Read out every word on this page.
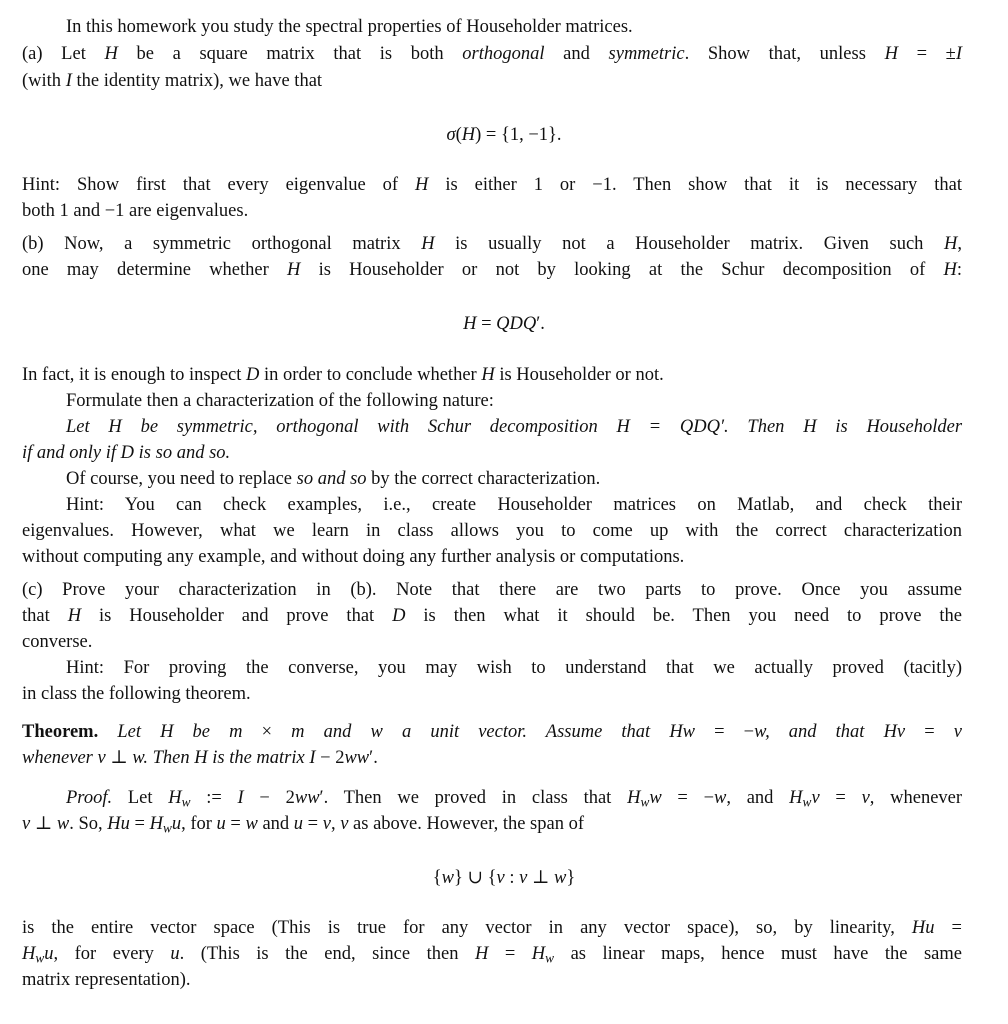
In this homework you study the spectral properties of Householder matrices.
(a) Let H be a square matrix that is both orthogonal and symmetric. Show that, unless H = ±I
(with I the identity matrix), we have that
σ(H) = {1, −1}.
Hint: Show first that every eigenvalue of H is either 1 or −1. Then show that it is necessary that
both 1 and −1 are eigenvalues.
(b) Now, a symmetric orthogonal matrix H is usually not a Householder matrix. Given such H,
one may determine whether H is Householder or not by looking at the Schur decomposition of H:
H = QDQ′.
In fact, it is enough to inspect D in order to conclude whether H is Householder or not.
Formulate then a characterization of the following nature:
Let H be symmetric, orthogonal with Schur decomposition H = QDQ′. Then H is Householder
if and only if D is so and so.
Of course, you need to replace so and so by the correct characterization.
Hint: You can check examples, i.e., create Householder matrices on Matlab, and check their
eigenvalues. However, what we learn in class allows you to come up with the correct characterization
without computing any example, and without doing any further analysis or computations.
(c) Prove your characterization in (b). Note that there are two parts to prove. Once you assume
that H is Householder and prove that D is then what it should be. Then you need to prove the
converse.
Hint: For proving the converse, you may wish to understand that we actually proved (tacitly)
in class the following theorem.
Theorem. Let H be m × m and w a unit vector. Assume that Hw = −w, and that Hv = v
whenever v ⊥ w. Then H is the matrix I − 2ww′.
Proof. Let $H_w$ := I − 2ww′. Then we proved in class that $H_ww = -w$, and $H_wv = v$, whenever
v ⊥ w. So, $Hu = H_wu$, for u = w and u = v, v as above. However, the span of
{w} ∪ {v : v ⊥ w}
is the entire vector space (This is true for any vector in any vector space), so, by linearity, Hu =
$H_wu$, for every u. (This is the end, since then $H = H_w$ as linear maps, hence must have the same
matrix representation).
